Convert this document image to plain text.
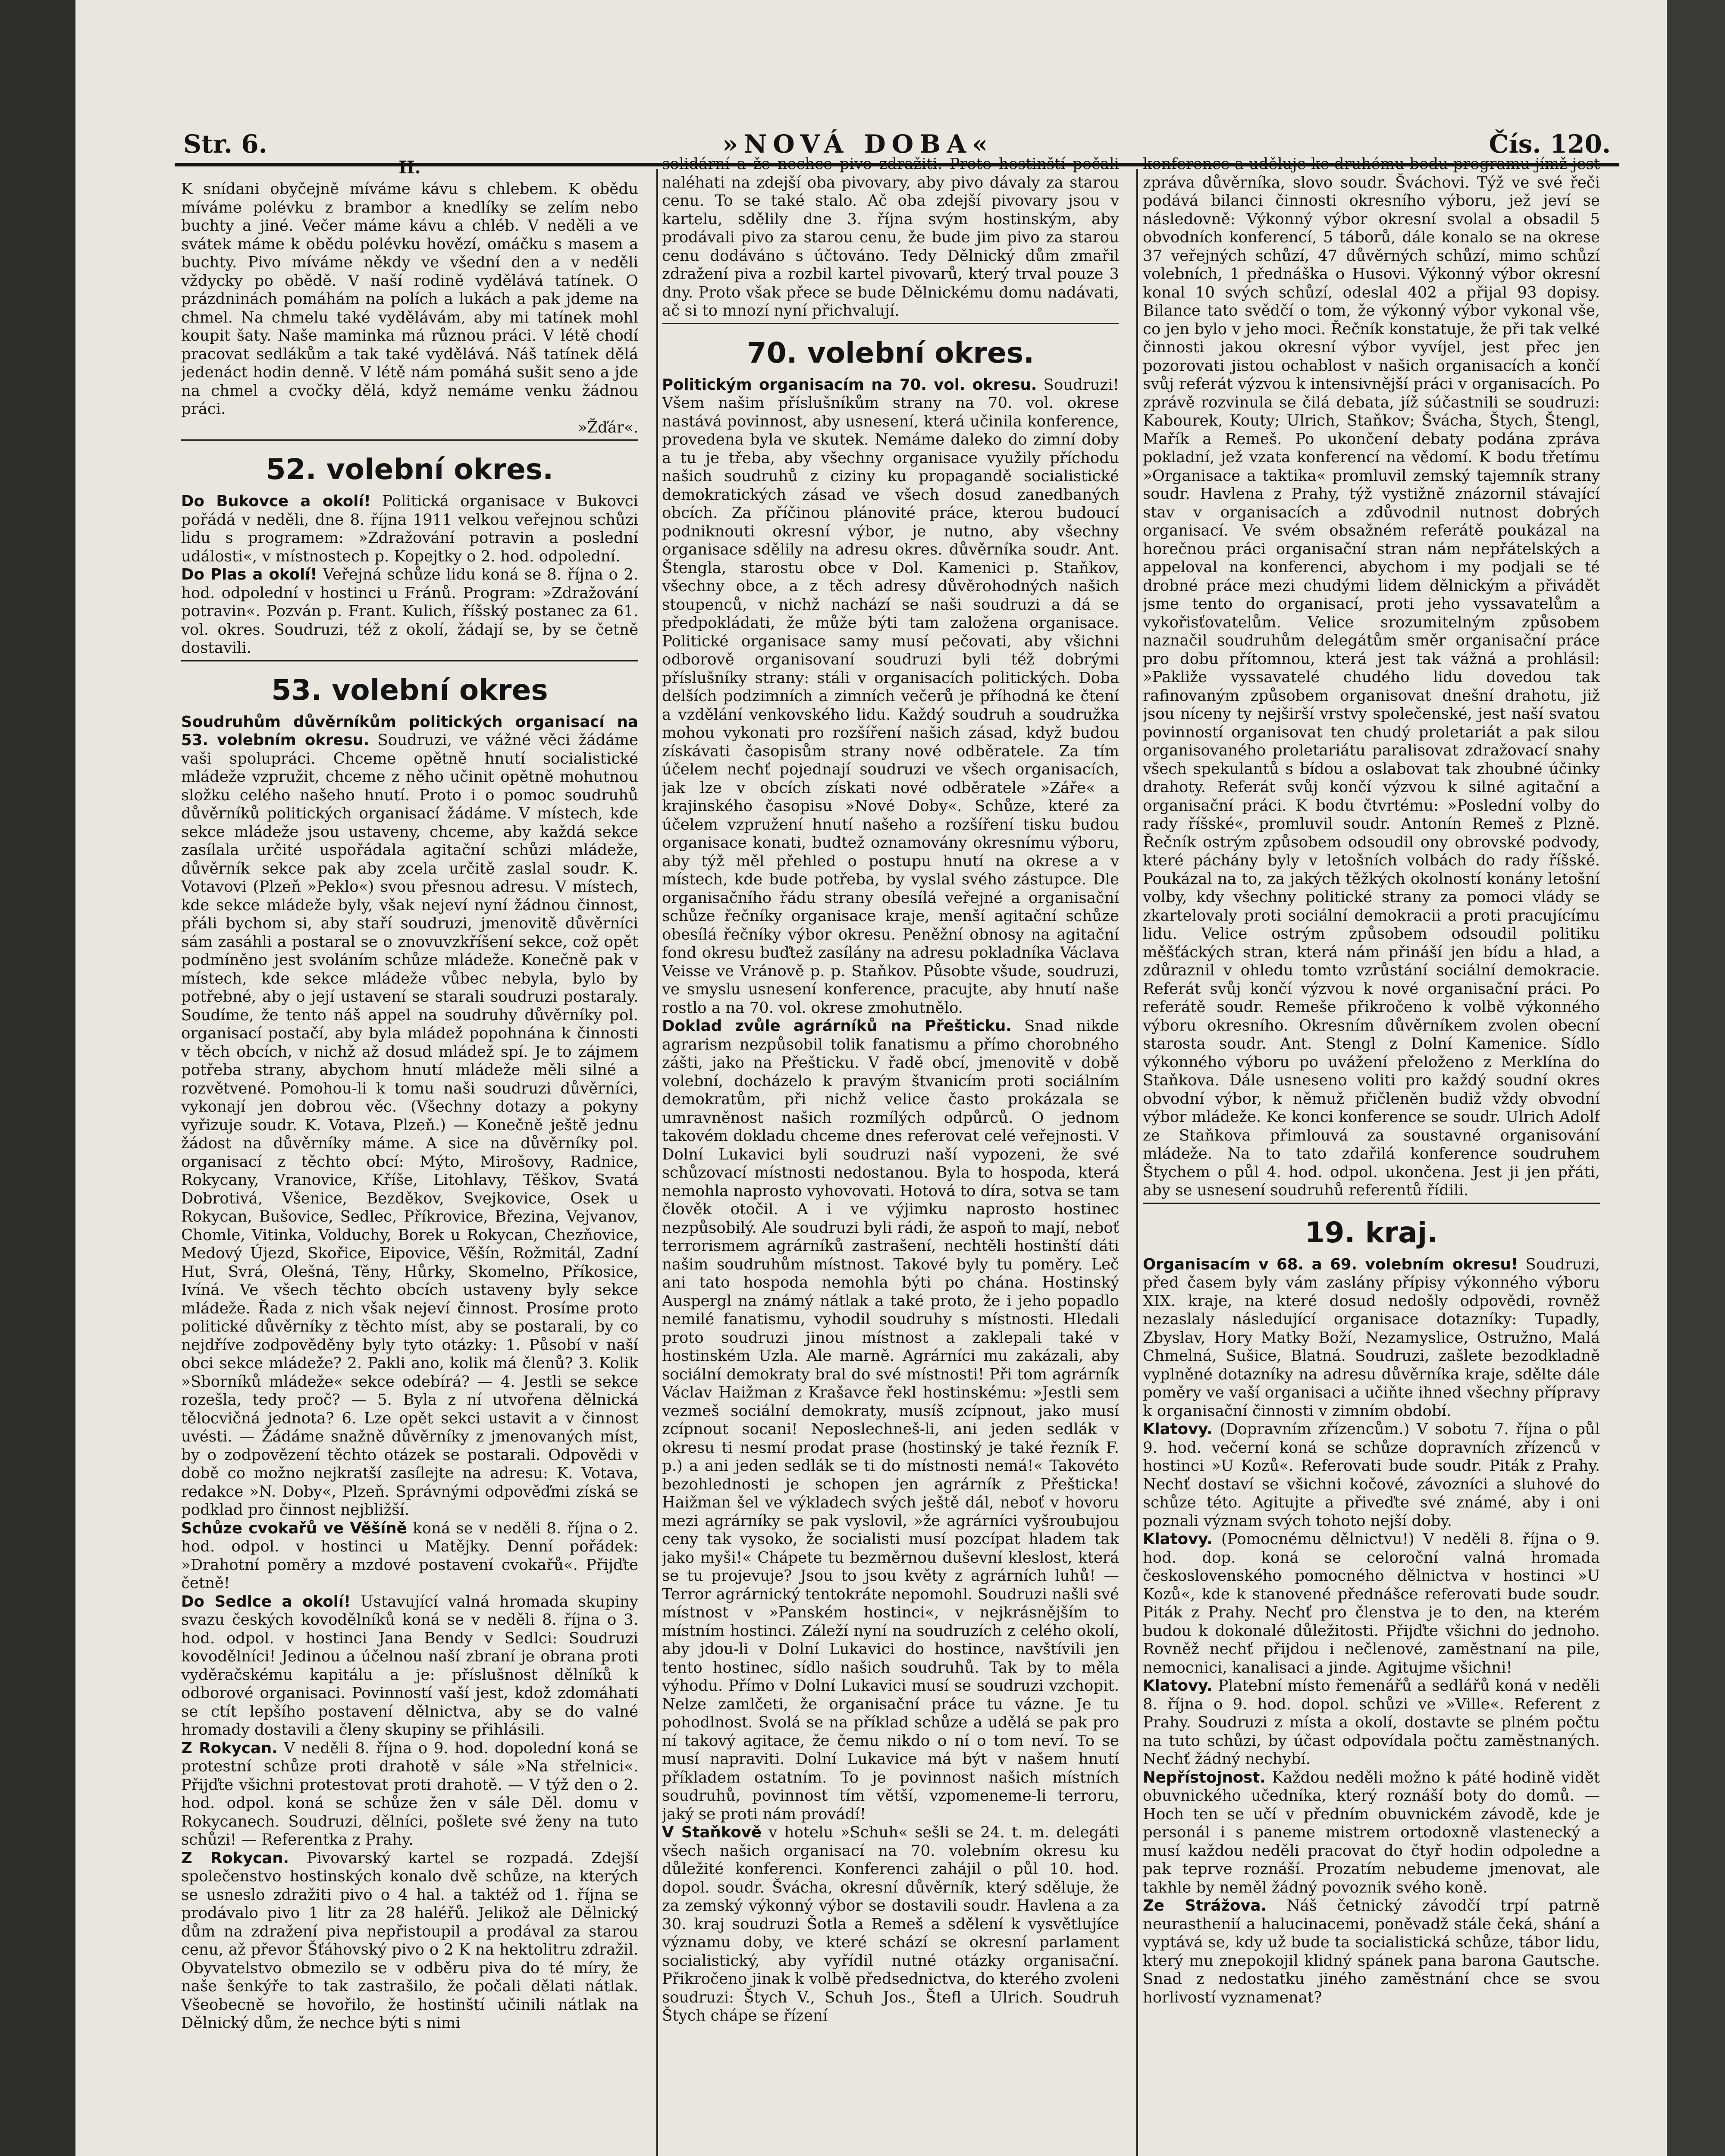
Str. 6.	»NOVÁ DOBA«	Čís. 120.

II.

K snídani obyčejně míváme kávu s chlebem. K obědu míváme polévku z brambor a knedlíky se zelím nebo buchty a jiné. Večer máme kávu a chléb. V neděli a ve svátek máme k obědu polévku hovězí, omáčku s masem a buchty. Pivo míváme někdy ve všední den a v neděli vždycky po obědě. V naší rodině vydělává tatínek. O prázdninách pomáhám na polích a lukách a pak jdeme na chmel. Na chmelu také vydělávám, aby mi tatínek mohl koupit šaty. Naše maminka má různou práci. V létě chodí pracovat sedlákům a tak také vydělává. Náš tatínek dělá jedenáct hodin denně. V létě nám pomáhá sušit seno a jde na chmel a cvočky dělá, když nemáme venku žádnou práci.

»Žďár«.

52. volební okres.

Do Bukovce a okolí! Politická organisace v Bukovci pořádá v neděli, dne 8. října 1911 velkou veřejnou schůzi lidu s programem: »Zdražování potravin a poslední události«, v místnostech p. Kopejtky o 2. hod. odpolední.

Do Plas a okolí! Veřejná schůze lidu koná se 8. října o 2. hod. odpolední v hostinci u Fránů. Program: »Zdražování potravin«. Pozván p. Frant. Kulich, říšský postanec za 61. vol. okres. Soudruzi, též z okolí, žádají se, by se četně dostavili.

53. volební okres

Soudruhům důvěrníkům politických organisací na 53. volebním okresu. Soudruzi, ve vážné věci žádáme vaši spolupráci. Chceme opětně hnutí socialistické mládeže vzpružit, chceme z něho učinit opětně mohutnou složku celého našeho hnutí. Proto i o pomoc soudruhů důvěrníků politických organisací žádáme. V místech, kde sekce mládeže jsou ustaveny, chceme, aby každá sekce zasílala určité uspořádala agitační schůzi mládeže, důvěrník sekce pak aby zcela určitě zaslal soudr. K. Votavovi (Plzeň »Peklo«) svou přesnou adresu. V místech, kde sekce mládeže byly, však nejeví nyní žádnou činnost, přáli bychom si, aby staří soudruzi, jmenovitě důvěrníci sám zasáhli a postaral se o znovuvzkříšení sekce, což opět podmíněno jest svoláním schůze mládeže. Konečně pak v místech, kde sekce mládeže vůbec nebyla, bylo by potřebné, aby o její ustavení se starali soudruzi postaraly. Soudíme, že tento náš appel na soudruhy důvěrníky pol. organisací postačí, aby byla mládež popohnána k činnosti v těch obcích, v nichž až dosud mládež spí. Je to zájmem potřeba strany, abychom hnutí mládeže měli silné a rozvětvené. Pomohou-li k tomu naši soudruzi důvěrníci, vykonají jen dobrou věc. (Všechny dotazy a pokyny vyřizuje soudr. K. Votava, Plzeň.) — Konečně ještě jednu žádost na důvěrníky máme. A sice na důvěrníky pol. organisací z těchto obcí: Mýto, Mirošovy, Radnice, Rokycany, Vranovice, Kříše, Litohlavy, Těškov, Svatá Dobrotivá, Všenice, Bezděkov, Svejkovice, Osek u Rokycan, Bušovice, Sedlec, Příkrovice, Březina, Vejvanov, Chomle, Vitinka, Volduchy, Borek u Rokycan, Chezňovice, Medový Újezd, Skořice, Eipovice, Věšín, Rožmitál, Zadní Hut, Svrá, Olešná, Těny, Hůrky, Skomelno, Příkosice, Ivíná. Ve všech těchto obcích ustaveny byly sekce mládeže. Řada z nich však nejeví činnost. Prosíme proto politické důvěrníky z těchto míst, aby se postarali, by co nejdříve zodpověděny byly tyto otázky: 1. Působí v naší obci sekce mládeže? 2. Pakli ano, kolik má členů? 3. Kolik »Sborníků mládeže« sekce odebírá? — 4. Jestli se sekce rozešla, tedy proč? — 5. Byla z ní utvořena dělnická tělocvičná jednota? 6. Lze opět sekci ustavit a v činnost uvésti. — Žádáme snažně důvěrníky z jmenovaných míst, by o zodpovězení těchto otázek se postarali. Odpovědi v době co možno nejkratší zasílejte na adresu: K. Votava, redakce »N. Doby«, Plzeň. Správnými odpověďmi získá se podklad pro činnost nejbližší.

Schůze cvokařů ve Věšíně koná se v neděli 8. října o 2. hod. odpol. v hostinci u Matějky. Denní pořádek: »Drahotní poměry a mzdové postavení cvokařů«. Přijďte četně!

Do Sedlce a okolí! Ustavující valná hromada skupiny svazu českých kovodělníků koná se v neděli 8. října o 3. hod. odpol. v hostinci Jana Bendy v Sedlci: Soudruzi kovodělníci! Jedinou a účelnou naší zbraní je obrana proti vyděračskému kapitálu a je: příslušnost dělníků k odborové organisaci. Povinností vaší jest, kdož zdomáhati se ctít lepšího postavení dělnictva, aby se do valné hromady dostavili a členy skupiny se přihlásili.

Z Rokycan. V neděli 8. října o 9. hod. dopolední koná se protestní schůze proti drahotě v sále »Na střelnici«. Přijďte všichni protestovat proti drahotě. — V týž den o 2. hod. odpol. koná se schůze žen v sále Děl. domu v Rokycanech. Soudruzi, dělníci, pošlete své ženy na tuto schůzi! — Referentka z Prahy.

Z Rokycan. Pivovarský kartel se rozpadá. Zdejší společenstvo hostinských konalo dvě schůze, na kterých se usneslo zdražiti pivo o 4 hal. a taktéž od 1. října se prodávalo pivo 1 litr za 28 haléřů. Jelikož ale Dělnický dům na zdražení piva nepřistoupil a prodával za starou cenu, až převor Šťáhovský pivo o 2 K na hektolitru zdražil. Obyvatelstvo obmezilo se v odběru piva do té míry, že naše šenkýře to tak zastrašilo, že počali dělati nátlak. Všeobecně se hovořilo, že hostinští učinili nátlak na Dělnický dům, že nechce býti s nimi

solidární a že nechce pivo zdražiti. Proto hostinští počali naléhati na zdejší oba pivovary, aby pivo dávaly za starou cenu. To se také stalo. Ač oba zdejší pivovary jsou v kartelu, sdělily dne 3. října svým hostinským, aby prodávali pivo za starou cenu, že bude jim pivo za starou cenu dodáváno s účtováno. Tedy Dělnický dům zmařil zdražení piva a rozbil kartel pivovarů, který trval pouze 3 dny. Proto však přece se bude Dělnickému domu nadávati, ač si to mnozí nyní přichvalují.

70. volební okres.

Politickým organisacím na 70. vol. okresu. Soudruzi! Všem našim příslušníkům strany na 70. vol. okrese nastává povinnost, aby usnesení, která učinila konference, provedena byla ve skutek. Nemáme daleko do zimní doby a tu je třeba, aby všechny organisace využily příchodu našich soudruhů z ciziny ku propagandě socialistické demokratických zásad ve všech dosud zanedbaných obcích. Za příčinou plánovité práce, kterou budoucí podniknouti okresní výbor, je nutno, aby všechny organisace sdělily na adresu okres. důvěrníka soudr. Ant. Štengla, starostu obce v Dol. Kamenici p. Staňkov, všechny obce, a z těch adresy důvěrohodných našich stoupenců, v nichž nachází se naši soudruzi a dá se předpokládati, že může býti tam založena organisace. Politické organisace samy musí pečovati, aby všichni odborově organisovaní soudruzi byli též dobrými příslušníky strany: stáli v organisacích politických. Doba delších podzimních a zimních večerů je příhodná ke čtení a vzdělání venkovského lidu. Každý soudruh a soudružka mohou vykonati pro rozšíření našich zásad, když budou získávati časopisům strany nové odběratele. Za tím účelem nechť pojednají soudruzi ve všech organisacích, jak lze v obcích získati nové odběratele »Záře« a krajinského časopisu »Nové Doby«. Schůze, které za účelem vzpružení hnutí našeho a rozšíření tisku budou organisace konati, budtež oznamovány okresnímu výboru, aby týž měl přehled o postupu hnutí na okrese a v místech, kde bude potřeba, by vyslal svého zástupce. Dle organisačního řádu strany obesílá veřejné a organisační schůze řečníky organisace kraje, menší agitační schůze obesílá řečníky výbor okresu. Peněžní obnosy na agitační fond okresu buďtež zasílány na adresu pokladníka Václava Veisse ve Vránově p. p. Staňkov. Působte všude, soudruzi, ve smyslu usnesení konference, pracujte, aby hnutí naše rostlo a na 70. vol. okrese zmohutnělo.

Doklad zvůle agrárníků na Přešticku. Snad nikde agrarism nezpůsobil tolik fanatismu a přímo chorobného zášti, jako na Přešticku. V řadě obcí, jmenovitě v době volební, docházelo k pravým štvanicím proti sociálním demokratům, při nichž velice často prokázala se umravněnost našich rozmílých odpůrců. O jednom takovém dokladu chceme dnes referovat celé veřejnosti. V Dolní Lukavici byli soudruzi naší vypozeni, že své schůzovací místnosti nedostanou. Byla to hospoda, která nemohla naprosto vyhovovati. Hotová to díra, sotva se tam člověk otočil. A i ve výjimku naprosto hostinec nezpůsobilý. Ale soudruzi byli rádi, že aspoň to mají, neboť terrorismem agrárníků zastrašení, nechtěli hostinští dáti našim soudruhům místnost. Takové byly tu poměry. Leč ani tato hospoda nemohla býti po chána. Hostinský Auspergl na známý nátlak a také proto, že i jeho popadlo nemilé fanatismu, vyhodil soudruhy s místnosti. Hledali proto soudruzi jinou místnost a zaklepali také v hostinském Uzla. Ale marně. Agrárníci mu zakázali, aby sociální demokraty bral do své místnosti! Při tom agrárník Václav Haižman z Krašavce řekl hostinskému: »Jestli sem vezmeš sociální demokraty, musíš zcípnout, jako musí zcípnout socani! Neposlechneš-li, ani jeden sedlák v okresu ti nesmí prodat prase (hostinský je také řezník F. p.) a ani jeden sedlák se ti do místnosti nemá!« Takovéto bezohlednosti je schopen jen agrárník z Přešticka! Haižman šel ve výkladech svých ještě dál, neboť v hovoru mezi agrárníky se pak vyslovil, »že agrárníci vyšroubujou ceny tak vysoko, že socialisti musí pozcípat hladem tak jako myši!« Chápete tu bezměrnou duševní kleslost, která se tu projevuje? Jsou to jsou květy z agrárních luhů! — Terror agrárnický tentokráte nepomohl. Soudruzi našli své místnost v »Panském hostinci«, v nejkrásnějším to místním hostinci. Záleží nyní na soudruzích z celého okolí, aby jdou-li v Dolní Lukavici do hostince, navštívili jen tento hostinec, sídlo našich soudruhů. Tak by to měla výhodu. Přímo v Dolní Lukavici musí se soudruzi vzchopit. Nelze zamlčeti, že organisační práce tu vázne. Je tu pohodlnost. Svolá se na příklad schůze a udělá se pak pro ní takový agitace, že čemu nikdo o ní o tom neví. To se musí napraviti. Dolní Lukavice má být v našem hnutí příkladem ostatním. To je povinnost našich místních soudruhů, povinnost tím větší, vzpomeneme-li terroru, jaký se proti nám provádí!

V Staňkově v hotelu »Schuh« sešli se 24. t. m. delegáti všech našich organisací na 70. volebním okresu ku důležité konferenci. Konferenci zahájil o půl 10. hod. dopol. soudr. Švácha, okresní důvěrník, který sděluje, že za zemský výkonný výbor se dostavili soudr. Havlena a za 30. kraj soudruzi Šotla a Remeš a sdělení k vysvětlujíce významu doby, ve které schází se okresní parlament socialistický, aby vyřídil nutné otázky organisační. Přikročeno jinak k volbě předsednictva, do kterého zvoleni soudruzi: Štych V., Schuh Jos., Štefl a Ulrich. Soudruh Štych chápe se řízení

konference a uděluje ke druhému bodu programu jímž jest zpráva důvěrníka, slovo soudr. Šváchovi. Týž ve své řeči podává bilanci činnosti okresního výboru, jež jeví se následovně: Výkonný výbor okresní svolal a obsadil 5 obvodních konferencí, 5 táborů, dále konalo se na okrese 37 veřejných schůzí, 47 důvěrných schůzí, mimo schůzí volebních, 1 přednáška o Husovi. Výkonný výbor okresní konal 10 svých schůzí, odeslal 402 a přijal 93 dopisy. Bilance tato svědčí o tom, že výkonný výbor vykonal vše, co jen bylo v jeho moci. Řečník konstatuje, že při tak velké činnosti jakou okresní výbor vyvíjel, jest přec jen pozorovati jistou ochablost v našich organisacích a končí svůj referát výzvou k intensivnější práci v organisacích. Po zprávě rozvinula se čilá debata, jíž súčastnili se soudruzi: Kabourek, Kouty; Ulrich, Staňkov; Švácha, Štych, Štengl, Mařík a Remeš. Po ukončení debaty podána zpráva pokladní, jež vzata konferencí na vědomí. K bodu třetímu »Organisace a taktika« promluvil zemský tajemník strany soudr. Havlena z Prahy, týž vystižně znázornil stávající stav v organisacích a zdůvodnil nutnost dobrých organisací. Ve svém obsažném referátě poukázal na horečnou práci organisační stran nám nepřátelských a appeloval na konferenci, abychom i my podjali se té drobné práce mezi chudými lidem dělnickým a přivádět jsme tento do organisací, proti jeho vyssavatelům a vykořisťovatelům. Velice srozumitelným způsobem naznačil soudruhům delegátům směr organisační práce pro dobu přítomnou, která jest tak vážná a prohlásil: »Pakliže vyssavatelé chudého lidu dovedou tak rafinovaným způsobem organisovat dnešní drahotu, již jsou níceny ty nejširší vrstvy společenské, jest naší svatou povinností organisovat ten chudý proletariát a pak silou organisovaného proletariátu paralisovat zdražovací snahy všech spekulantů s bídou a oslabovat tak zhoubné účinky drahoty. Referát svůj končí výzvou k silné agitační a organisační práci. K bodu čtvrtému: »Poslední volby do rady říšské«, promluvil soudr. Antonín Remeš z Plzně. Řečník ostrým způsobem odsoudil ony obrovské podvody, které páchány byly v letošních volbách do rady říšské. Poukázal na to, za jakých těžkých okolností konány letošní volby, kdy všechny politické strany za pomoci vlády se zkartelovaly proti sociální demokracii a proti pracujícímu lidu. Velice ostrým způsobem odsoudil politiku měšťáckých stran, která nám přináší jen bídu a hlad, a zdůraznil v ohledu tomto vzrůstání sociální demokracie. Referát svůj končí výzvou k nové organisační práci. Po referátě soudr. Remeše přikročeno k volbě výkonného výboru okresního. Okresním důvěrníkem zvolen obecní starosta soudr. Ant. Stengl z Dolní Kamenice. Sídlo výkonného výboru po uvážení přeloženo z Merklína do Staňkova. Dále usneseno voliti pro každý soudní okres obvodní výbor, k němuž přičleněn budiž vždy obvodní výbor mládeže. Ke konci konference se soudr. Ulrich Adolf ze Staňkova přimlouvá za soustavné organisování mládeže. Na to tato zdařilá konference soudruhem Štychem o půl 4. hod. odpol. ukončena. Jest ji jen přáti, aby se usnesení soudruhů referentů řídili.

19. kraj.

Organisacím v 68. a 69. volebním okresu! Soudruzi, před časem byly vám zaslány přípisy výkonného výboru XIX. kraje, na které dosud nedošly odpovědi, rovněž nezaslaly následující organisace dotazníky: Tupadly, Zbyslav, Hory Matky Boží, Nezamyslice, Ostružno, Malá Chmelná, Sušice, Blatná. Soudruzi, zašlete bezodkladně vyplněné dotazníky na adresu důvěrníka kraje, sdělte dále poměry ve vaší organisaci a učiňte ihned všechny přípravy k organisační činnosti v zimním období.

Klatovy. (Dopravním zřízencům.) V sobotu 7. října o půl 9. hod. večerní koná se schůze dopravních zřízenců v hostinci »U Kozů«. Referovati bude soudr. Piták z Prahy. Nechť dostaví se všichni kočové, závozníci a sluhové do schůze této. Agitujte a přiveďte své známé, aby i oni poznali význam svých tohoto nejší doby.

Klatovy. (Pomocnému dělnictvu!) V neděli 8. října o 9. hod. dop. koná se celoroční valná hromada československého pomocného dělnictva v hostinci »U Kozů«, kde k stanovené přednášce referovati bude soudr. Piták z Prahy. Nechť pro členstva je to den, na kterém budou k dokonalé důležitosti. Přijďte všichni do jednoho. Rovněž nechť přijdou i nečlenové, zaměstnaní na pile, nemocnici, kanalisaci a jinde. Agitujme všichni!

Klatovy. Platební místo řemenářů a sedlářů koná v neděli 8. října o 9. hod. dopol. schůzi ve »Ville«. Referent z Prahy. Soudruzi z místa a okolí, dostavte se plném počtu na tuto schůzi, by účast odpovídala počtu zaměstnaných. Nechť žádný nechybí.

Nepřístojnost. Každou neděli možno k páté hodině vidět obuvnického učedníka, který roznáší boty do domů. — Hoch ten se učí v předním obuvnickém závodě, kde je personál i s paneme mistrem ortodoxně vlastenecký a musí každou neděli pracovat do čtyř hodin odpoledne a pak teprve roznáší. Prozatím nebudeme jmenovat, ale takhle by neměl žádný povoznik svého koně.

Ze Strážova. Náš četnický závodčí trpí patrně neurasthenií a halucinacemi, poněvadž stále čeká, shání a vyptává se, kdy už bude ta socialistická schůze, tábor lidu, který mu znepokojil klidný spánek pana barona Gautsche. Snad z nedostatku jiného zaměstnání chce se svou horlivostí vyznamenat?
